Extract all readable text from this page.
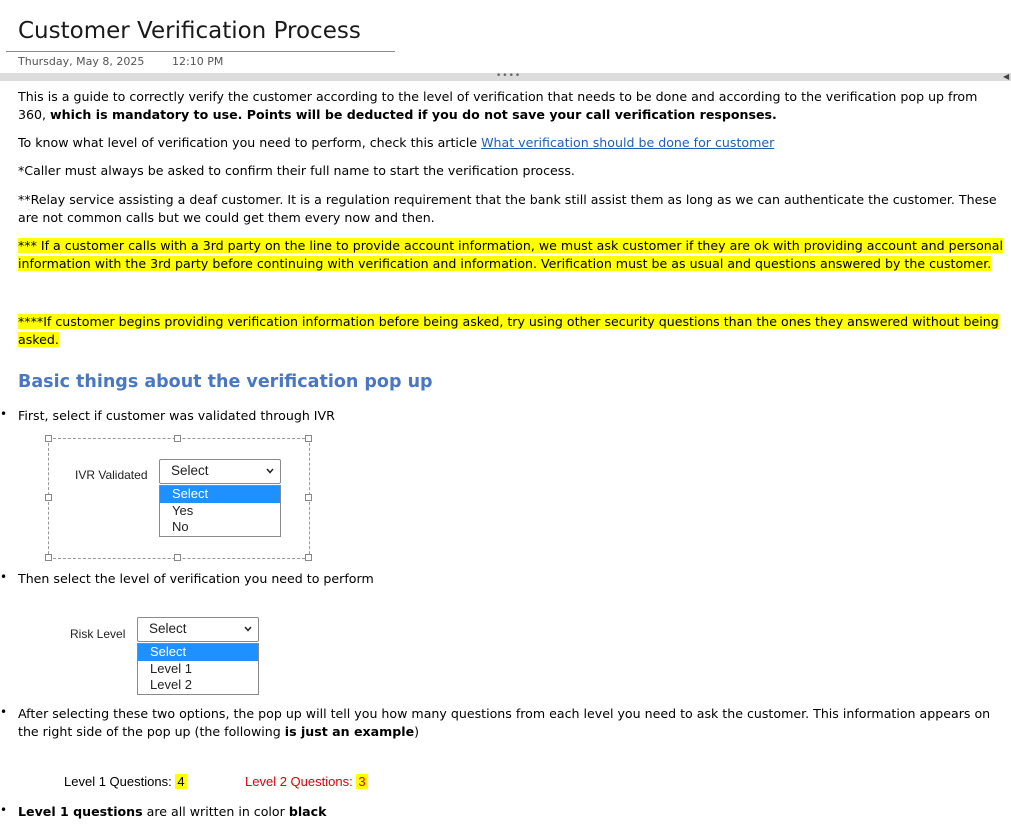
Customer Verification Process
Thursday, May 8, 2025	12:10 PM
••••	◀
This is a guide to correctly verify the customer according to the level of verification that needs to be done and according to the verification pop up from 360, which is mandatory to use. Points will be deducted if you do not save your call verification responses.
To know what level of verification you need to perform, check this article What verification should be done for customer
*Caller must always be asked to confirm their full name to start the verification process.
**Relay service assisting a deaf customer. It is a regulation requirement that the bank still assist them as long as we can authenticate the customer. These are not common calls but we could get them every now and then.
*** If a customer calls with a 3rd party on the line to provide account information, we must ask customer if they are ok with providing account and personal information with the 3rd party before continuing with verification and information. Verification must be as usual and questions answered by the customer.
****If customer begins providing verification information before being asked, try using other security questions than the ones they answered without being asked.
Basic things about the verification pop up
• First, select if customer was validated through IVR
IVR Validated	Select
Select
Yes
No
• Then select the level of verification you need to perform
Risk Level	Select
Select
Level 1
Level 2
• After selecting these two options, the pop up will tell you how many questions from each level you need to ask the customer. This information appears on the right side of the pop up (the following is just an example)
Level 1 Questions: 4	Level 2 Questions: 3
• Level 1 questions are all written in color black
